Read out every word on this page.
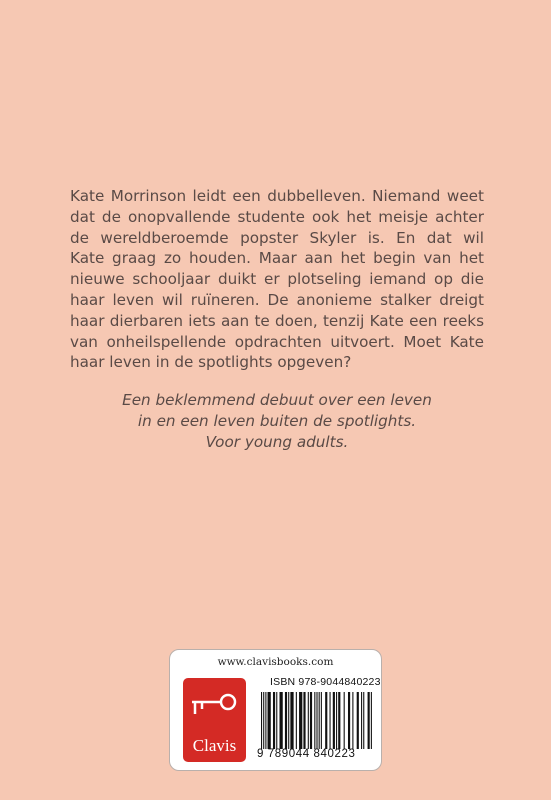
Kate Morrinson leidt een dubbelleven. Niemand weet
dat de onopvallende studente ook het meisje achter
de wereldberoemde popster Skyler is. En dat wil
Kate graag zo houden. Maar aan het begin van het
nieuwe schooljaar duikt er plotseling iemand op die
haar leven wil ruïneren. De anonieme stalker dreigt
haar dierbaren iets aan te doen, tenzij Kate een reeks
van onheilspellende opdrachten uitvoert. Moet Kate
haar leven in de spotlights opgeven?
Een beklemmend debuut over een leven
in en een leven buiten de spotlights.
Voor young adults.
www.clavisbooks.com
Clavis
ISBN 978-9044840223
9 789044 840223
